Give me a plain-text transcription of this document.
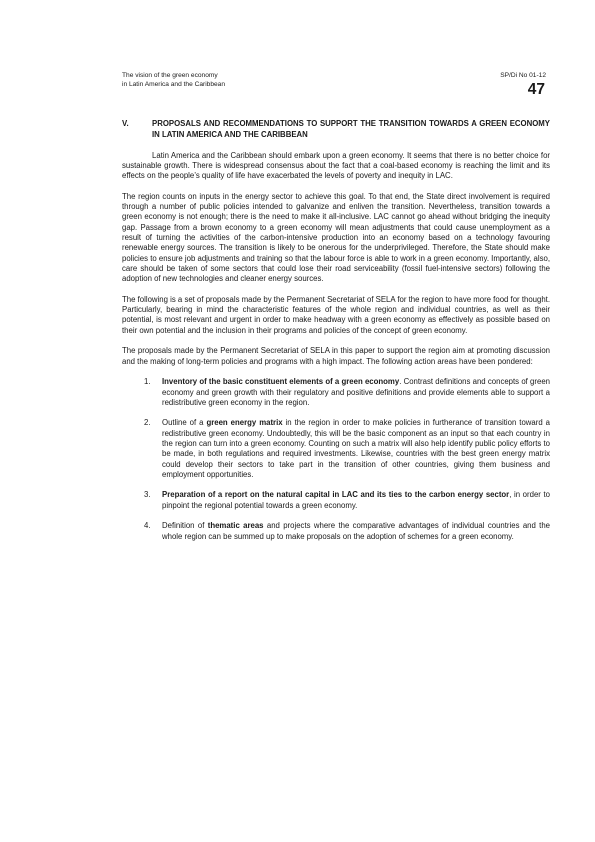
The vision of the green economy
in Latin America and the Caribbean
SP/Di No 01-12
47
V.	PROPOSALS AND RECOMMENDATIONS TO SUPPORT THE TRANSITION TOWARDS A GREEN ECONOMY IN LATIN AMERICA AND THE CARIBBEAN

Latin America and the Caribbean should embark upon a green economy. It seems that there is no better choice for sustainable growth. There is widespread consensus about the fact that a coal-based economy is reaching the limit and its effects on the people’s quality of life have exacerbated the levels of poverty and inequity in LAC.

The region counts on inputs in the energy sector to achieve this goal. To that end, the State direct involvement is required through a number of public policies intended to galvanize and enliven the transition. Nevertheless, transition towards a green economy is not enough; there is the need to make it all-inclusive. LAC cannot go ahead without bridging the inequity gap. Passage from a brown economy to a green economy will mean adjustments that could cause unemployment as a result of turning the activities of the carbon-intensive production into an economy based on a technology favouring renewable energy sources. The transition is likely to be onerous for the underprivileged. Therefore, the State should make policies to ensure job adjustments and training so that the labour force is able to work in a green economy. Importantly, also, care should be taken of some sectors that could lose their road serviceability (fossil fuel-intensive sectors) following the adoption of new technologies and cleaner energy sources.

The following is a set of proposals made by the Permanent Secretariat of SELA for the region to have more food for thought. Particularly, bearing in mind the characteristic features of the whole region and individual countries, as well as their potential, is most relevant and urgent in order to make headway with a green economy as effectively as possible based on their own potential and the inclusion in their programs and policies of the concept of green economy.

The proposals made by the Permanent Secretariat of SELA in this paper to support the region aim at promoting discussion and the making of long-term policies and programs with a high impact. The following action areas have been pondered:

1.	Inventory of the basic constituent elements of a green economy. Contrast definitions and concepts of green economy and green growth with their regulatory and positive definitions and provide elements able to support a redistributive green economy in the region.
2.	Outline of a green energy matrix in the region in order to make policies in furtherance of transition toward a redistributive green economy. Undoubtedly, this will be the basic component as an input so that each country in the region can turn into a green economy. Counting on such a matrix will also help identify public policy efforts to be made, in both regulations and required investments. Likewise, countries with the best green energy matrix could develop their sectors to take part in the transition of other countries, giving them business and employment opportunities.
3.	Preparation of a report on the natural capital in LAC and its ties to the carbon energy sector, in order to pinpoint the regional potential towards a green economy.
4.	Definition of thematic areas and projects where the comparative advantages of individual countries and the whole region can be summed up to make proposals on the adoption of schemes for a green economy.
